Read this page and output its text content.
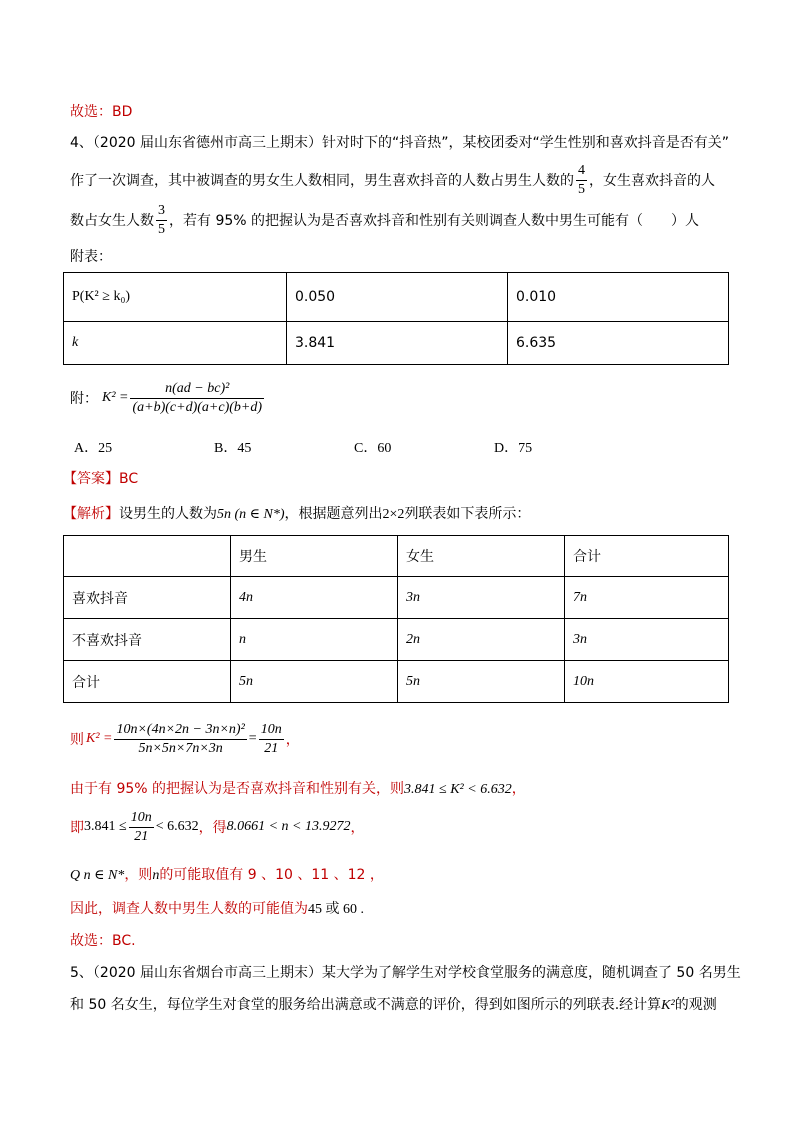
故选：BD
4、（2020 届山东省德州市高三上期末）针对时下的“抖音热”，某校团委对“学生性别和喜欢抖音是否有关”
作了一次调查，其中被调查的男女生人数相同，男生喜欢抖音的人数占男生人数的 $\frac{4}{5}$ ，女生喜欢抖音的人
数占女生人数 $\frac{3}{5}$ ，若有 95% 的把握认为是否喜欢抖音和性别有关则调查人数中男生可能有（　　）人
附表：
P(K² ≥ k₀)	0.050	0.010
k	3.841	6.635
附： $K^2 = \frac{\text{n(ad − bc)²}}{(a+b)(c+d)(a+c)(b+d)}$
A．25	B．45	C．60	D．75
【答案】BC
【解析】设男生的人数为5n (n ∈ N*)，根据题意列出2×2列联表如下表所示：
	男生	女生	合计
喜欢抖音	4n	3n	7n
不喜欢抖音	n	2n	3n
合计	5n	5n	10n
则 $K^2 = \frac{\text{10n×(4n×2n − 3n×n)²}}{5n\times 5n\times 7n\times 3n} = \frac{10n}{21}$ ，
由于有 95% 的把握认为是否喜欢抖音和性别有关，则3.841 ≤ K² < 6.632，
即 $3.841 \le \frac{10n}{21} < 6.632$ ，得 8.0661 < n < 13.9272 ，
Q n ∈ N*，则n的可能取值有 9 、10 、11 、12 ，
因此，调查人数中男生人数的可能值为45 或 60 .
故选：BC.
5、（2020 届山东省烟台市高三上期末）某大学为了解学生对学校食堂服务的满意度，随机调查了 50 名男生
和 50 名女生，每位学生对食堂的服务给出满意或不满意的评价，得到如图所示的列联表.经计算K²的观测
